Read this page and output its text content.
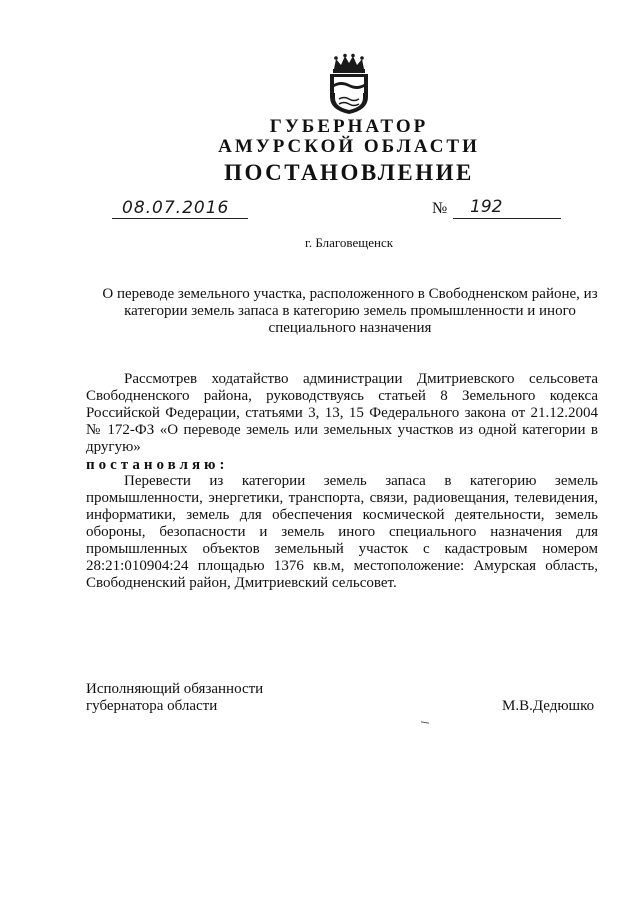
ГУБЕРНАТОР
АМУРСКОЙ ОБЛАСТИ
ПОСТАНОВЛЕНИЕ
08.07.2016	№ 192
г. Благовещенск
О переводе земельного участка, расположенного в Свободненском районе, из категории земель запаса в категорию земель промышленности и иного специального назначения
Рассмотрев ходатайство администрации Дмитриевского сельсовета Свободненского района, руководствуясь статьей 8 Земельного кодекса Российской Федерации, статьями 3, 13, 15 Федерального закона от 21.12.2004 № 172-ФЗ «О переводе земель или земельных участков из одной категории в другую»
постановляю:
Перевести из категории земель запаса в категорию земель промышленности, энергетики, транспорта, связи, радиовещания, телевидения, информатики, земель для обеспечения космической деятельности, земель обороны, безопасности и земель иного специального назначения для промышленных объектов земельный участок с кадастровым номером 28:21:010904:24 площадью 1376 кв.м, местоположение: Амурская область, Свободненский район, Дмитриевский сельсовет.
Исполняющий обязанности
губернатора области	М.В.Дедюшко
